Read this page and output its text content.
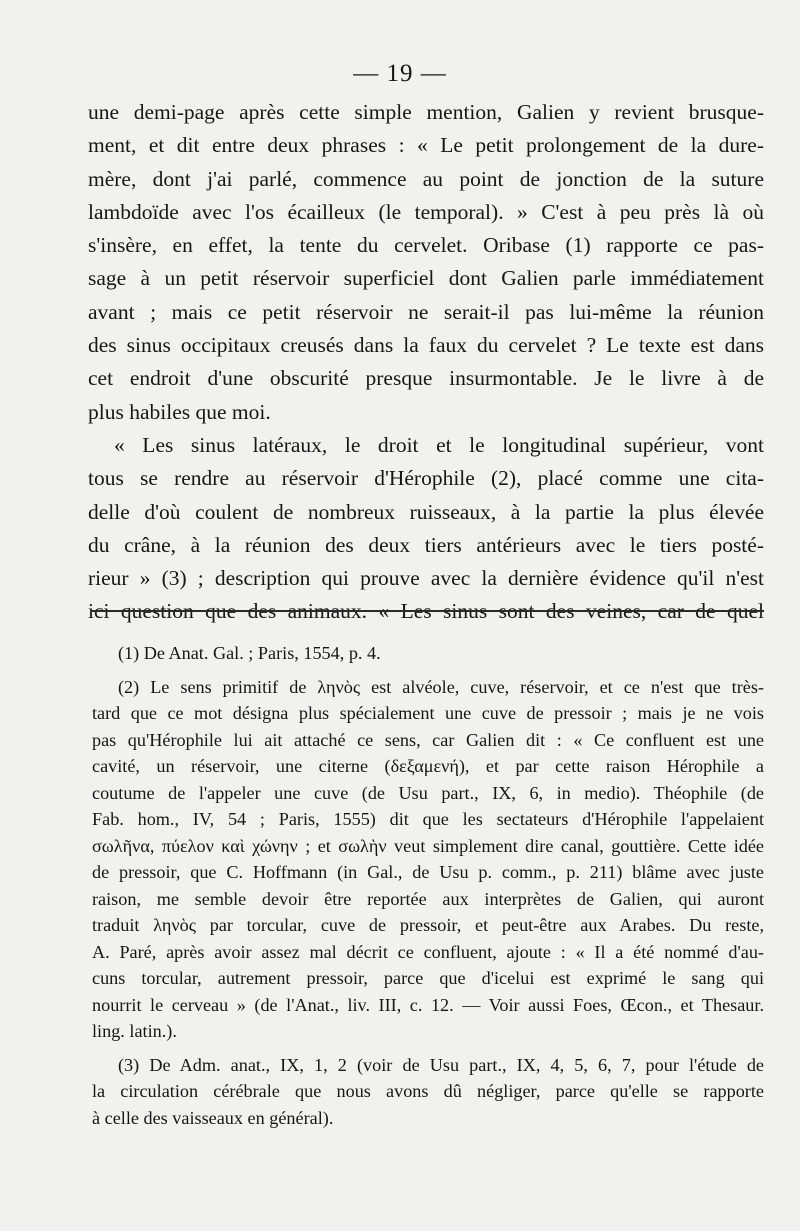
— 19 —
une demi-page après cette simple mention, Galien y revient brusque-
ment, et dit entre deux phrases : « Le petit prolongement de la dure-
mère, dont j'ai parlé, commence au point de jonction de la suture
lambdoïde avec l'os écailleux (le temporal). » C'est à peu près là où
s'insère, en effet, la tente du cervelet. Oribase (1) rapporte ce pas-
sage à un petit réservoir superficiel dont Galien parle immédiatement
avant ; mais ce petit réservoir ne serait-il pas lui-même la réunion
des sinus occipitaux creusés dans la faux du cervelet ? Le texte est dans
cet endroit d'une obscurité presque insurmontable. Je le livre à de
plus habiles que moi.
« Les sinus latéraux, le droit et le longitudinal supérieur, vont
tous se rendre au réservoir d'Hérophile (2), placé comme une cita-
delle d'où coulent de nombreux ruisseaux, à la partie la plus élevée
du crâne, à la réunion des deux tiers antérieurs avec le tiers posté-
rieur » (3) ; description qui prouve avec la dernière évidence qu'il n'est
ici question que des animaux. « Les sinus sont des veines, car de quel
(1) De Anat. Gal. ; Paris, 1554, p. 4.
(2) Le sens primitif de ληνὸς est alvéole, cuve, réservoir, et ce n'est que très-
tard que ce mot désigna plus spécialement une cuve de pressoir ; mais je ne vois
pas qu'Hérophile lui ait attaché ce sens, car Galien dit : « Ce confluent est une
cavité, un réservoir, une citerne (δεξαμενή), et par cette raison Hérophile a
coutume de l'appeler une cuve (de Usu part., IX, 6, in medio). Théophile (de
Fab. hom., IV, 54 ; Paris, 1555) dit que les sectateurs d'Hérophile l'appelaient
σωλῆνα, πύελον καὶ χώνην ; et σωλὴν veut simplement dire canal, gouttière. Cette idée
de pressoir, que C. Hoffmann (in Gal., de Usu p. comm., p. 211) blâme avec juste
raison, me semble devoir être reportée aux interprètes de Galien, qui auront
traduit ληνὸς par torcular, cuve de pressoir, et peut-être aux Arabes. Du reste,
A. Paré, après avoir assez mal décrit ce confluent, ajoute : « Il a été nommé d'au-
cuns torcular, autrement pressoir, parce que d'icelui est exprimé le sang qui
nourrit le cerveau » (de l'Anat., liv. III, c. 12. — Voir aussi Foes, Œcon., et Thesaur.
ling. latin.).
(3) De Adm. anat., IX, 1, 2 (voir de Usu part., IX, 4, 5, 6, 7, pour l'étude de
la circulation cérébrale que nous avons dû négliger, parce qu'elle se rapporte
à celle des vaisseaux en général).
